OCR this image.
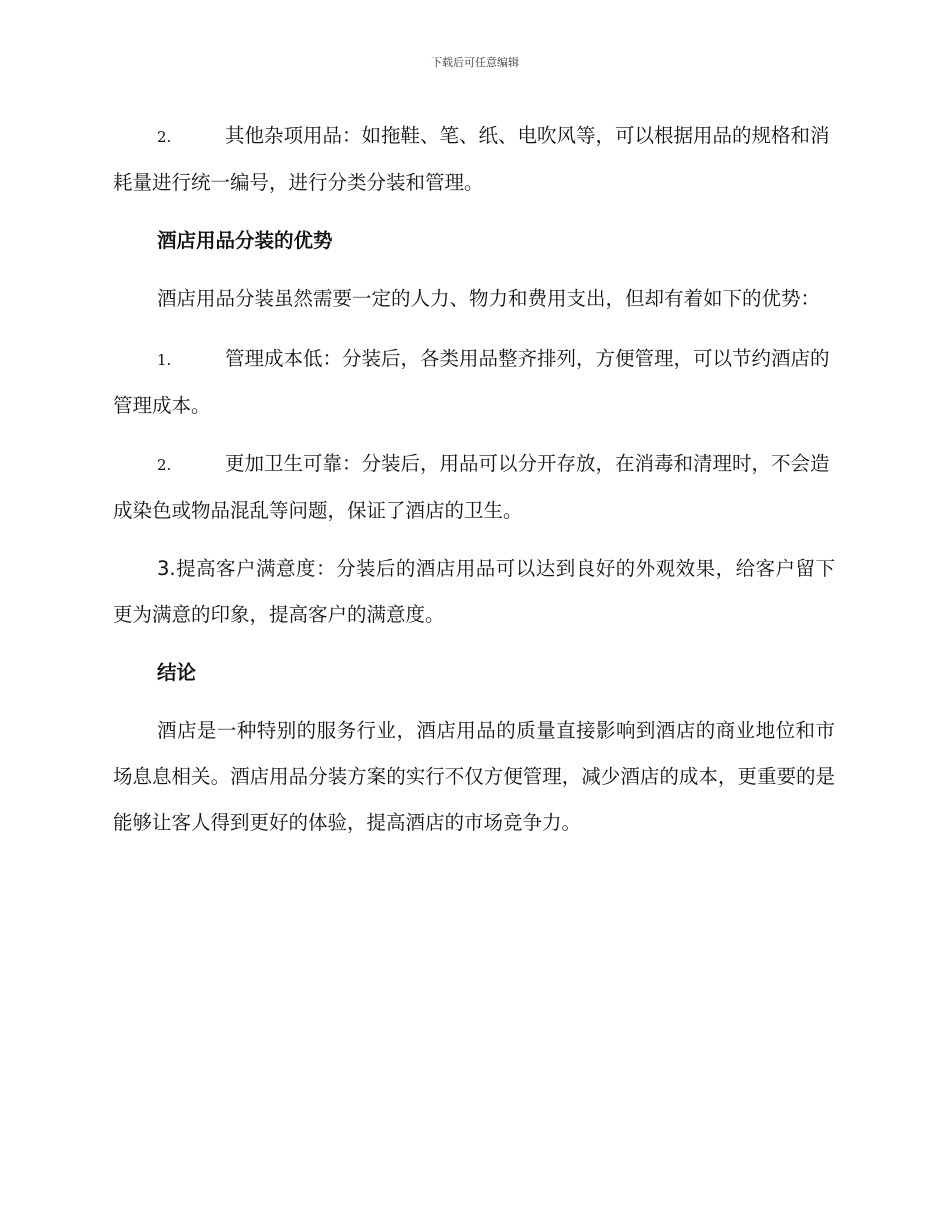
下载后可任意编辑

2.	其他杂项用品：如拖鞋、笔、纸、电吹风等，可以根据用品的规格和消耗量进行统一编号，进行分类分装和管理。

酒店用品分装的优势

酒店用品分装虽然需要一定的人力、物力和费用支出，但却有着如下的优势：

1.	管理成本低：分装后，各类用品整齐排列，方便管理，可以节约酒店的管理成本。

2.	更加卫生可靠：分装后，用品可以分开存放，在消毒和清理时，不会造成染色或物品混乱等问题，保证了酒店的卫生。

3.提高客户满意度：分装后的酒店用品可以达到良好的外观效果，给客户留下更为满意的印象，提高客户的满意度。

结论

酒店是一种特别的服务行业，酒店用品的质量直接影响到酒店的商业地位和市场息息相关。酒店用品分装方案的实行不仅方便管理，减少酒店的成本，更重要的是能够让客人得到更好的体验，提高酒店的市场竞争力。
